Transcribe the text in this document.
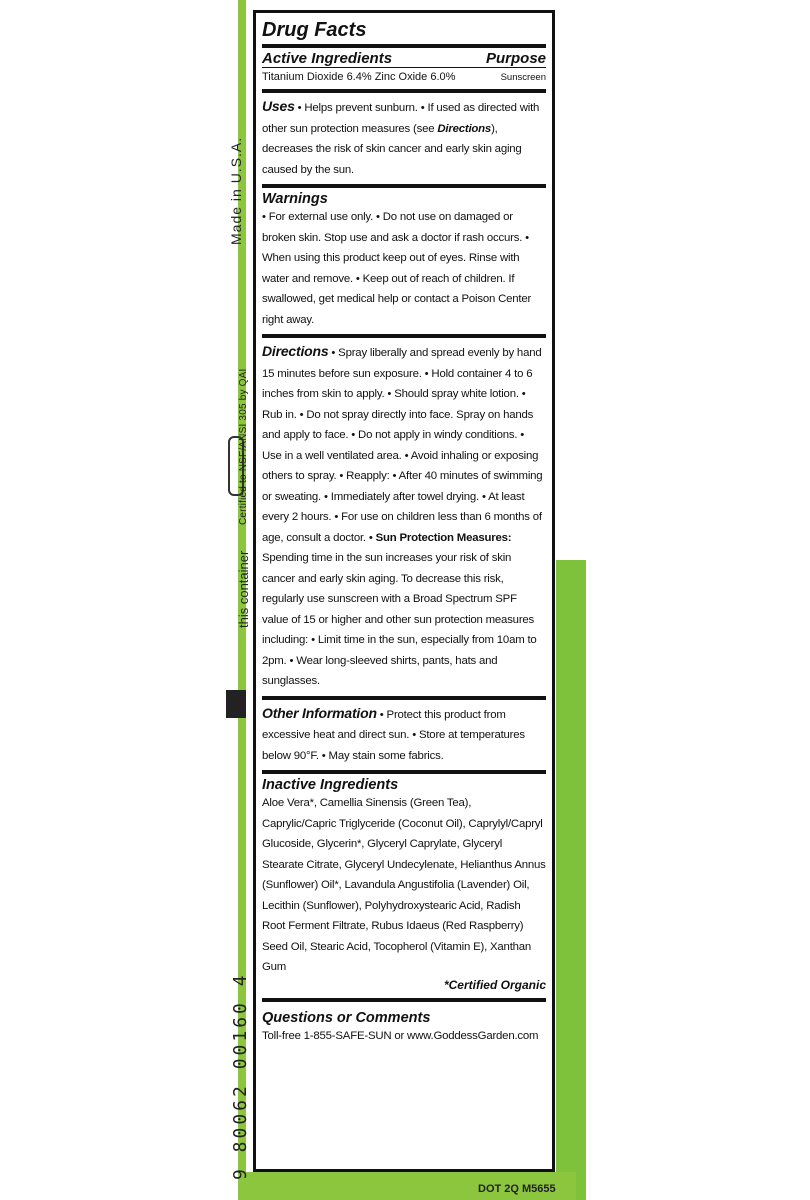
Made in U.S.A.
Certified to NSF/ANSI 305 by QAI
this container
9 80062 00160 4
Drug Facts
Active Ingredients	Purpose
Titanium Dioxide 6.4% Zinc Oxide 6.0%	Sunscreen
Uses • Helps prevent sunburn. • If used as directed with other sun protection measures (see Directions), decreases the risk of skin cancer and early skin aging caused by the sun.
Warnings
• For external use only. • Do not use on damaged or broken skin. Stop use and ask a doctor if rash occurs. • When using this product keep out of eyes. Rinse with water and remove. • Keep out of reach of children. If swallowed, get medical help or contact a Poison Center right away.
Directions • Spray liberally and spread evenly by hand 15 minutes before sun exposure. • Hold container 4 to 6 inches from skin to apply. • Should spray white lotion. • Rub in. • Do not spray directly into face. Spray on hands and apply to face. • Do not apply in windy conditions. • Use in a well ventilated area. • Avoid inhaling or exposing others to spray. • Reapply: • After 40 minutes of swimming or sweating. • Immediately after towel drying. • At least every 2 hours. • For use on children less than 6 months of age, consult a doctor. • Sun Protection Measures: Spending time in the sun increases your risk of skin cancer and early skin aging. To decrease this risk, regularly use sunscreen with a Broad Spectrum SPF value of 15 or higher and other sun protection measures including: • Limit time in the sun, especially from 10am to 2pm. • Wear long-sleeved shirts, pants, hats and sunglasses.
Other Information • Protect this product from excessive heat and direct sun. • Store at temperatures below 90°F. • May stain some fabrics.
Inactive Ingredients
Aloe Vera*, Camellia Sinensis (Green Tea), Caprylic/Capric Triglyceride (Coconut Oil), Caprylyl/Capryl Glucoside, Glycerin*, Glyceryl Caprylate, Glyceryl Stearate Citrate, Glyceryl Undecylenate, Helianthus Annus (Sunflower) Oil*, Lavandula Angustifolia (Lavender) Oil, Lecithin (Sunflower), Polyhydroxystearic Acid, Radish Root Ferment Filtrate, Rubus Idaeus (Red Raspberry) Seed Oil, Stearic Acid, Tocopherol (Vitamin E), Xanthan Gum
*Certified Organic
Questions or Comments
Toll-free 1-855-SAFE-SUN or www.GoddessGarden.com
DOT 2Q M5655
